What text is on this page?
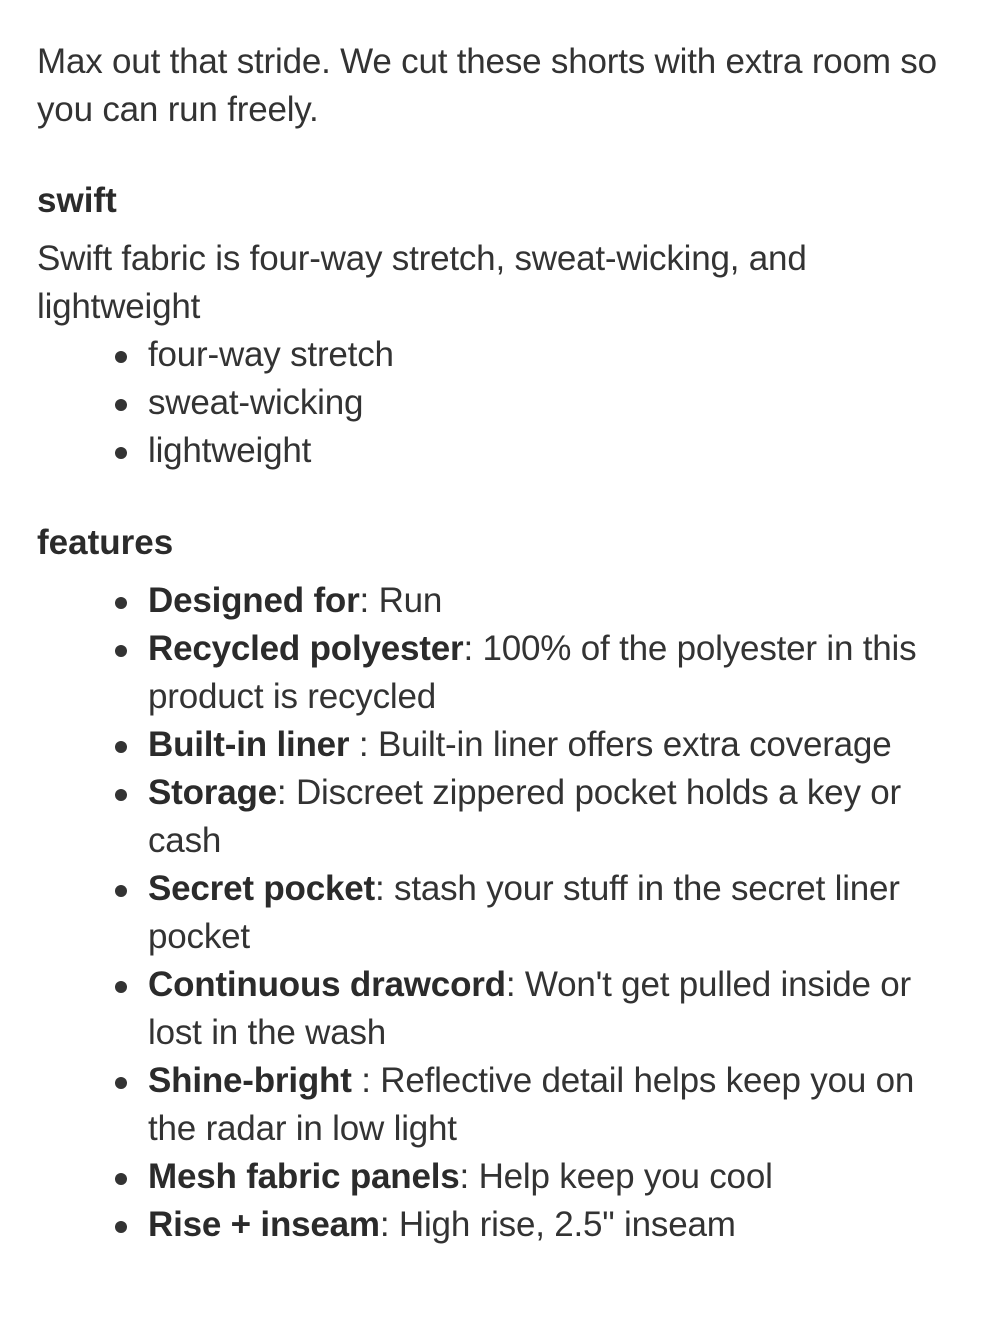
Max out that stride. We cut these shorts with extra room so you can run freely.

swift

Swift fabric is four-way stretch, sweat-wicking, and lightweight

four-way stretch
sweat-wicking
lightweight
features
Designed for: Run
Recycled polyester: 100% of the polyester in this product is recycled
Built-in liner : Built-in liner offers extra coverage
Storage: Discreet zippered pocket holds a key or cash
Secret pocket: stash your stuff in the secret liner pocket
Continuous drawcord: Won't get pulled inside or lost in the wash
Shine-bright : Reflective detail helps keep you on the radar in low light
Mesh fabric panels: Help keep you cool
Rise + inseam: High rise, 2.5" inseam
